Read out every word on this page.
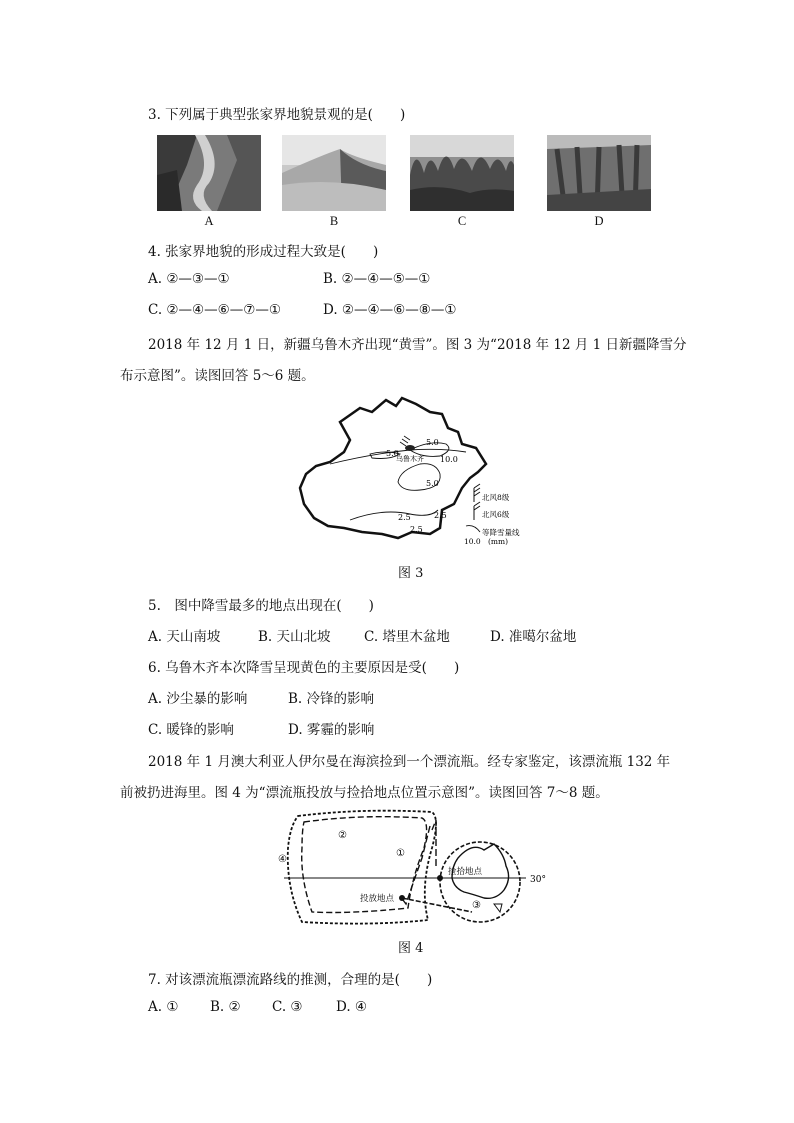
3. 下列属于典型张家界地貌景观的是(　　)
A	B	C	D
4. 张家界地貌的形成过程大致是(　　)
A. ②—③—①	B. ②—④—⑤—①
C. ②—④—⑥—⑦—①	D. ②—④—⑥—⑧—①
2018 年 12 月 1 日，新疆乌鲁木齐出现“黄雪”。图 3 为“2018 年 12 月 1 日新疆降雪分
布示意图”。读图回答 5～6 题。
乌鲁木齐
5.0
5.0
10.0
5.0
2.5	2.5
2.5
北风8级
北风6级
等降雪量线
10.0 (mm)
图 3
5.　图中降雪最多的地点出现在(　　)
A. 天山南坡	B. 天山北坡 C. 塔里木盆地	D. 准噶尔盆地
6. 乌鲁木齐本次降雪呈现黄色的主要原因是受(　　)
A. 沙尘暴的影响	B. 冷锋的影响
C. 暖锋的影响	D. 雾霾的影响
2018 年 1 月澳大利亚人伊尔曼在海滨捡到一个漂流瓶。经专家鉴定，该漂流瓶 132 年
前被扔进海里。图 4 为“漂流瓶投放与捡拾地点位置示意图”。读图回答 7～8 题。
30°
捡拾地点
投放地点
①
②
③
④
图 4
7. 对该漂流瓶漂流路线的推测，合理的是(　　)
A. ① B. ② C. ③ D. ④
